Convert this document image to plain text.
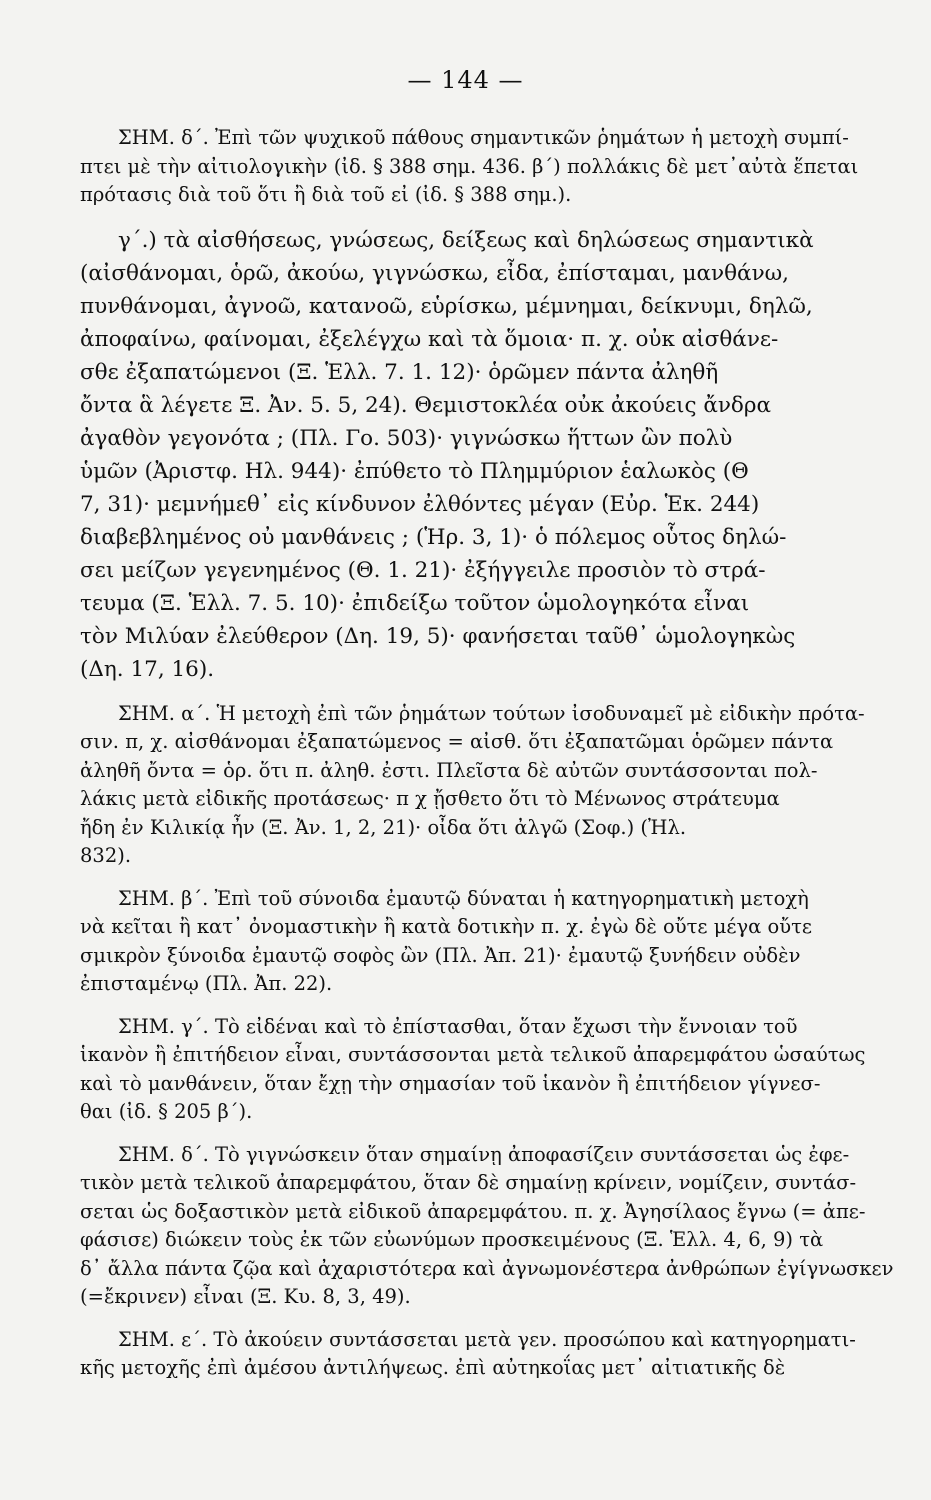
— 144 —

ΣΗΜ. δ΄. Ἐπὶ τῶν ψυχικοῦ πάθους σημαντικῶν ῥημάτων ἡ μετοχὴ συμπί-
πτει μὲ τὴν αἰτιολογικὴν (ἰδ. § 388 σημ. 436. β΄) πολλάκις δὲ μετ᾽αὐτὰ ἕπεται
πρότασις διὰ τοῦ ὅτι ἢ διὰ τοῦ εἰ (ἰδ. § 388 σημ.).

γ΄.) τὰ αἰσθήσεως, γνώσεως, δείξεως καὶ δηλώσεως σημαντικὰ
(αἰσθάνομαι, ὁρῶ, ἀκούω, γιγνώσκω, εἶδα, ἐπίσταμαι, μανθάνω,
πυνθάνομαι, ἀγνοῶ, κατανοῶ, εὑρίσκω, μέμνημαι, δείκνυμι, δηλῶ,
ἀποφαίνω, φαίνομαι, ἐξελέγχω καὶ τὰ ὅμοια· π. χ. οὐκ αἰσθάνε-
σθε ἐξαπατώμενοι (Ξ. Ἑλλ. 7. 1. 12)· ὁρῶμεν πάντα ἀληθῆ
ὄντα ἃ λέγετε Ξ. Ἀν. 5. 5, 24). Θεμιστοκλέα οὐκ ἀκούεις ἄνδρα
ἀγαθὸν γεγονότα ; (Πλ. Γο. 503)· γιγνώσκω ἥττων ὢν πολὺ
ὑμῶν (Ἀριστφ. Ηλ. 944)· ἐπύθετο τὸ Πλημμύριον ἑαλωκὸς (Θ
7, 31)· μεμνήμεθ᾽ εἰς κίνδυνον ἐλθόντες μέγαν (Εὐρ. Ἑκ. 244)
διαβεβλημένος οὐ μανθάνεις ; (Ἡρ. 3, 1)· ὁ πόλεμος οὗτος δηλώ-
σει μείζων γεγενημένος (Θ. 1. 21)· ἐξήγγειλε προσιὸν τὸ στρά-
τευμα (Ξ. Ἑλλ. 7. 5. 10)· ἐπιδείξω τοῦτον ὡμολογηκότα εἶναι
τὸν Μιλύαν ἐλεύθερον (Δη. 19, 5)· φανήσεται ταῦθ᾽ ὡμολογηκὼς
(Δη. 17, 16).

ΣΗΜ. α΄. Ἡ μετοχὴ ἐπὶ τῶν ῥημάτων τούτων ἰσοδυναμεῖ μὲ εἰδικὴν πρότα-
σιν. π, χ. αἰσθάνομαι ἐξαπατώμενος = αἰσθ. ὅτι ἐξαπατῶμαι ὁρῶμεν πάντα
ἀληθῆ ὄντα = ὁρ. ὅτι π. ἀληθ. ἐστι. Πλεῖστα δὲ αὐτῶν συντάσσονται πολ-
λάκις μετὰ εἰδικῆς προτάσεως· π χ ᾔσθετο ὅτι τὸ Μένωνος στράτευμα
ἤδη ἐν Κιλικίᾳ ἦν (Ξ. Ἀν. 1, 2, 21)· οἶδα ὅτι ἀλγῶ (Σοφ.) (Ἠλ.
832).

ΣΗΜ. β΄. Ἐπὶ τοῦ σύνοιδα ἐμαυτῷ δύναται ἡ κατηγορηματικὴ μετοχὴ
νὰ κεῖται ἢ κατ᾽ ὀνομαστικὴν ἢ κατὰ δοτικὴν π. χ. ἐγὼ δὲ οὔτε μέγα οὔτε
σμικρὸν ξύνοιδα ἐμαυτῷ σοφὸς ὢν (Πλ. Ἀπ. 21)· ἐμαυτῷ ξυνήδειν οὐδὲν
ἐπισταμένῳ (Πλ. Ἀπ. 22).

ΣΗΜ. γ΄. Τὸ εἰδέναι καὶ τὸ ἐπίστασθαι, ὅταν ἔχωσι τὴν ἔννοιαν τοῦ
ἱκανὸν ἢ ἐπιτήδειον εἶναι, συντάσσονται μετὰ τελικοῦ ἀπαρεμφάτου ὡσαύτως
καὶ τὸ μανθάνειν, ὅταν ἔχῃ τὴν σημασίαν τοῦ ἱκανὸν ἢ ἐπιτήδειον γίγνεσ-
θαι (ἰδ. § 205 β΄).

ΣΗΜ. δ΄. Τὸ γιγνώσκειν ὅταν σημαίνῃ ἀποφασίζειν συντάσσεται ὡς ἐφε-
τικὸν μετὰ τελικοῦ ἀπαρεμφάτου, ὅταν δὲ σημαίνῃ κρίνειν, νομίζειν, συντάσ-
σεται ὡς δοξαστικὸν μετὰ εἰδικοῦ ἀπαρεμφάτου. π. χ. Ἀγησίλαος ἔγνω (= ἀπε-
φάσισε) διώκειν τοὺς ἐκ τῶν εὐωνύμων προσκειμένους (Ξ. Ἑλλ. 4, 6, 9) τὰ
δ᾽ ἄλλα πάντα ζῷα καὶ ἀχαριστότερα καὶ ἀγνωμονέστερα ἀνθρώπων ἐγίγνωσκεν
(=ἔκρινεν) εἶναι (Ξ. Κυ. 8, 3, 49).

ΣΗΜ. ε΄. Τὸ ἀκούειν συντάσσεται μετὰ γεν. προσώπου καὶ κατηγορηματι-
κῆς μετοχῆς ἐπὶ ἀμέσου ἀντιλήψεως. ἐπὶ αὐτηκοΐας μετ᾽ αἰτιατικῆς δὲ
